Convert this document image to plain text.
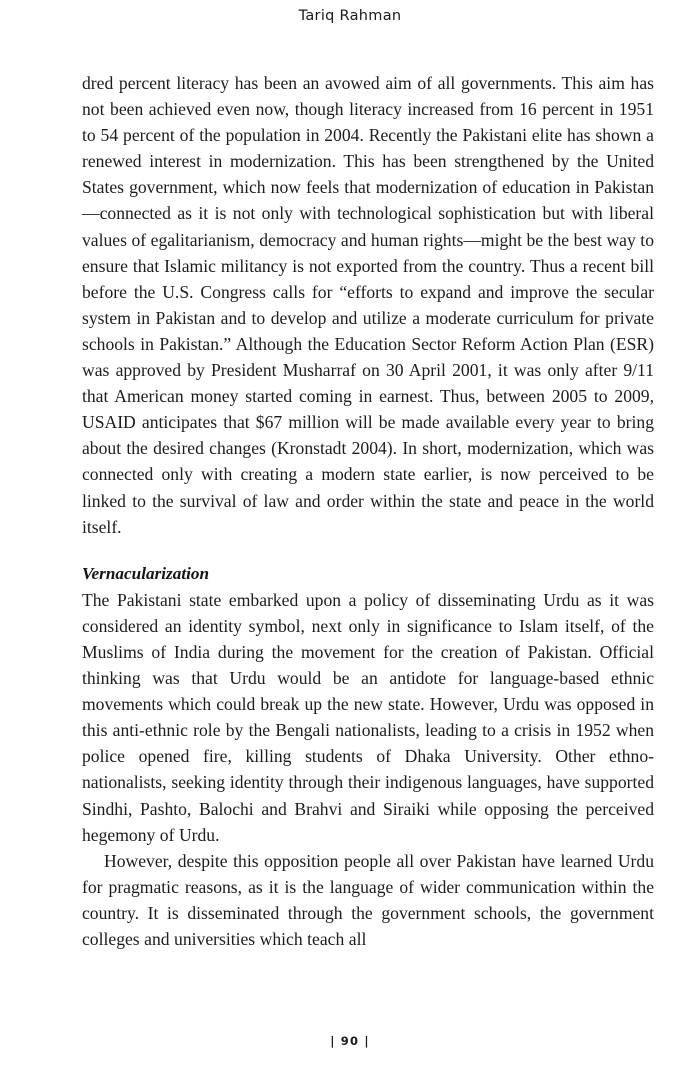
Tariq Rahman

dred percent literacy has been an avowed aim of all governments. This aim has not been achieved even now, though literacy increased from 16 percent in 1951 to 54 percent of the population in 2004. Recently the Pakistani elite has shown a renewed interest in modernization. This has been strengthened by the United States government, which now feels that modernization of education in Pakistan—connected as it is not only with technological sophistication but with liberal values of egalitarianism, democracy and human rights—might be the best way to ensure that Islamic militancy is not exported from the country. Thus a recent bill before the U.S. Congress calls for “efforts to expand and improve the secular system in Pakistan and to develop and utilize a moderate curriculum for private schools in Pakistan.” Although the Education Sector Reform Action Plan (ESR) was approved by President Musharraf on 30 April 2001, it was only after 9/11 that American money started coming in earnest. Thus, between 2005 to 2009, USAID anticipates that $67 million will be made available every year to bring about the desired changes (Kronstadt 2004). In short, modernization, which was connected only with creating a modern state earlier, is now perceived to be linked to the survival of law and order within the state and peace in the world itself.

Vernacularization

The Pakistani state embarked upon a policy of disseminating Urdu as it was considered an identity symbol, next only in significance to Islam itself, of the Muslims of India during the movement for the creation of Pakistan. Official thinking was that Urdu would be an antidote for language-based ethnic movements which could break up the new state. However, Urdu was opposed in this anti-ethnic role by the Bengali nationalists, leading to a crisis in 1952 when police opened fire, killing students of Dhaka University. Other ethno-nationalists, seeking identity through their indigenous languages, have supported Sindhi, Pashto, Balochi and Brahvi and Siraiki while opposing the perceived hegemony of Urdu.

However, despite this opposition people all over Pakistan have learned Urdu for pragmatic reasons, as it is the language of wider communication within the country. It is disseminated through the government schools, the government colleges and universities which teach all

| 90 |
